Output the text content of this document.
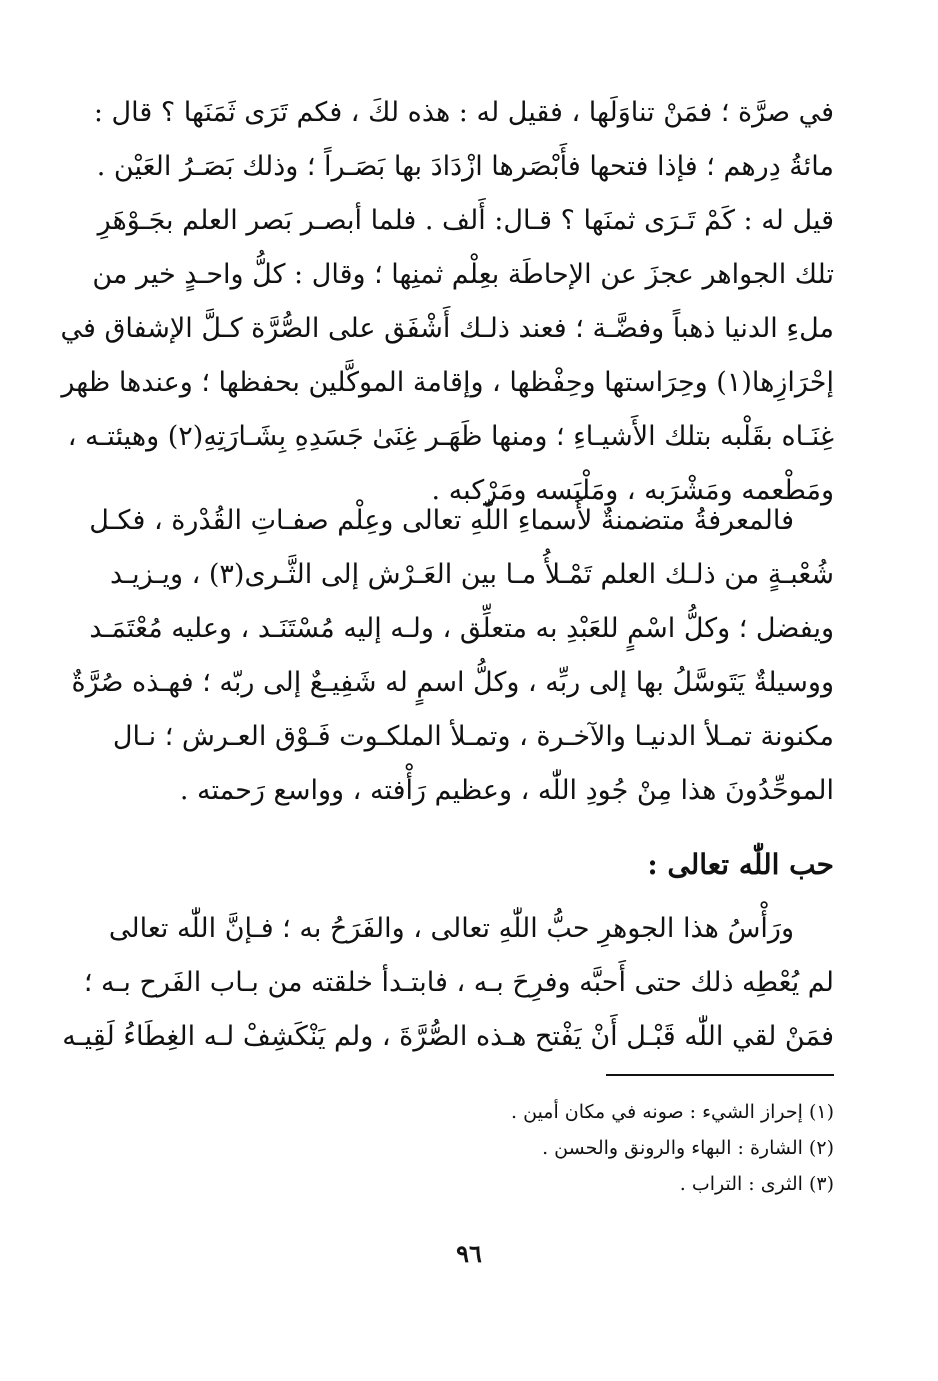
في صرَّة ؛ فمَنْ تناوَلَها ، فقيل له : هذه لكَ ، فكم تَرَى ثَمَنَها ؟ قال :
مائةُ دِرهم ؛ فإذا فتحها فأَبْصَرها ازْدَادَ بها بَصَـراً ؛ وذلك بَصَـرُ العَيْن .
قيل له : كَمْ تَـرَى ثمنَها ؟ قـال: أَلف . فلما أبصـر بَصر العلم بجَـوْهَرِ
تلك الجواهر عجزَ عن الإحاطَة بعِلْم ثمنِها ؛ وقال : كلُّ واحـدٍ خير من
ملءِ الدنيا ذهباً وفضَّـة ؛ فعند ذلـك أَشْفَق على الصُّرَّة كـلَّ الإشفاق في
إحْرَازِها(١) وحِرَاستها وحِفْظها ، وإقامة الموكَّلين بحفظها ؛ وعندها ظهر
غِنَـاه بقَلْبه بتلك الأَشيـاءِ ؛ ومنها ظَهَـر غِنَىٰ جَسَدِهِ بِشَـارَتِهِ(٢) وهيئتـه ،
ومَطْعمه ومَشْرَبه ، ومَلْبَسه ومَرْكبه .
فالمعرفةُ متضمنةٌ لأَسماءِ اللّٰهِ تعالى وعِلْم صفـاتِ القُدْرة ، فكـل
شُعْبـةٍ من ذلـك العلم تَمْـلأُ مـا بين العَـرْش إلى الثَّـرى(٣) ، ويـزيـد
ويفضل ؛ وكلُّ اسْمٍ للعَبْدِ به متعلِّق ، ولـه إليه مُسْتَنَـد ، وعليه مُعْتَمَـد
ووسيلةٌ يَتَوسَّلُ بها إلى ربِّه ، وكلُّ اسمٍ له شَفِيـعٌ إلى ربّه ؛ فهـذه صُرَّةٌ
مكنونة تمـلأ الدنيـا والآخـرة ، وتمـلأ الملكـوت فَـوْق العـرش ؛ نـال
الموحِّدُونَ هذا مِنْ جُودِ اللّٰه ، وعظيم رَأْفته ، وواسع رَحمته .
حب اللّٰه تعالى :
ورَأْسُ هذا الجوهرِ حبُّ اللّٰهِ تعالى ، والفَرَحُ به ؛ فـإنَّ اللّٰه تعالى
لم يُعْطِه ذلك حتى أَحبَّه وفرِحَ بـه ، فابتـدأ خلقته من بـاب الفَرح بـه ؛
فمَنْ لقي اللّٰه قَبْـل أَنْ يَفْتح هـذه الصُّرَّةَ ، ولم يَنْكَشِفْ لـه الغِطَاءُ لَقِيـه
(١) إحراز الشيء : صونه في مكان أمين .
(٢) الشارة : البهاء والرونق والحسن .
(٣) الثرى : التراب .
٩٦
